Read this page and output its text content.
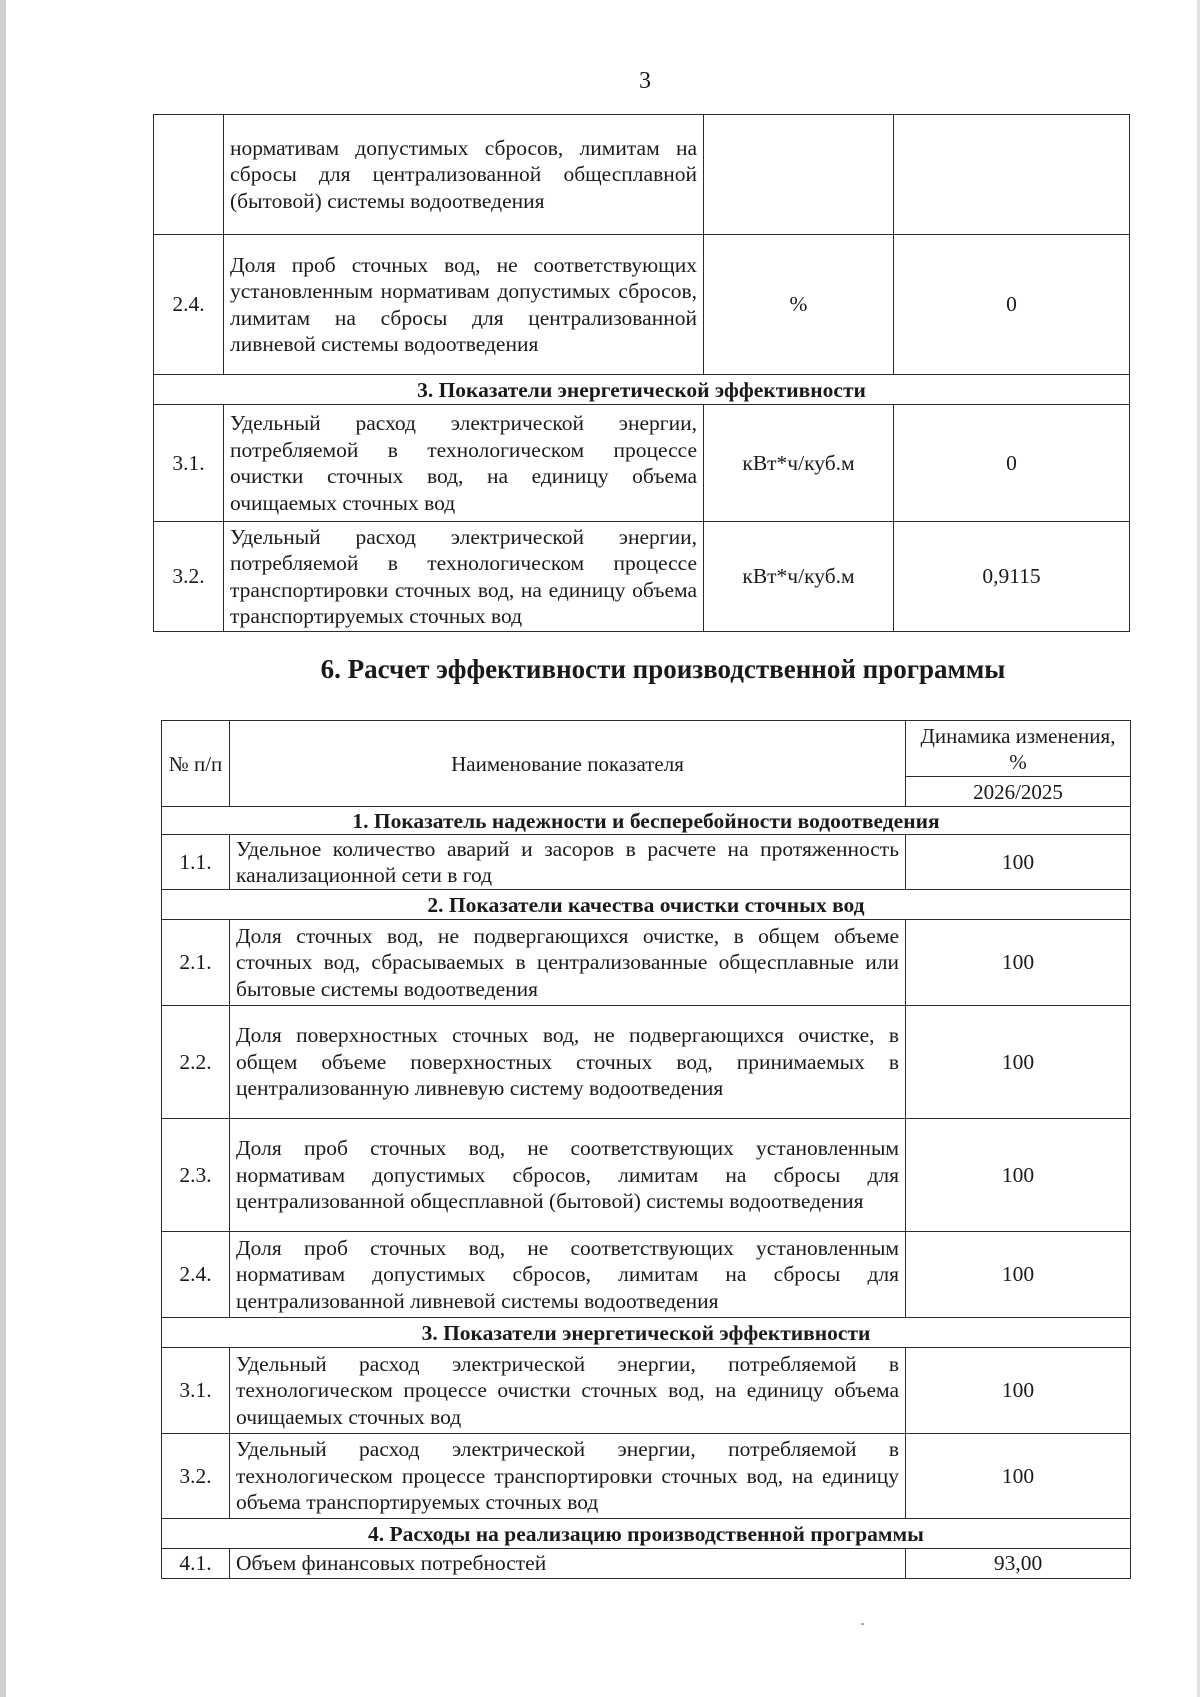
3
	нормативам допустимых сбросов, лимитам на сбросы для централизованной общесплавной (бытовой) системы водоотведения		
2.4.	Доля проб сточных вод, не соответствующих установленным нормативам допустимых сбросов, лимитам на сбросы для централизованной ливневой системы водоотведения	%	0
3. Показатели энергетической эффективности			
3.1.	Удельный расход электрической энергии, потребляемой в технологическом процессе очистки сточных вод, на единицу объема очищаемых сточных вод	кВт*ч/куб.м	0
3.2.	Удельный расход электрической энергии, потребляемой в технологическом процессе транспортировки сточных вод, на единицу объема транспортируемых сточных вод	кВт*ч/куб.м	0,9115
6. Расчет эффективности производственной программы
№ п/п	Наименование показателя	Динамика изменения, %
		2026/2025
1. Показатель надежности и бесперебойности водоотведения		
1.1.	Удельное количество аварий и засоров в расчете на протяженность канализационной сети в год	100
2. Показатели качества очистки сточных вод		
2.1.	Доля сточных вод, не подвергающихся очистке, в общем объеме сточных вод, сбрасываемых в централизованные общесплавные или бытовые системы водоотведения	100
2.2.	Доля поверхностных сточных вод, не подвергающихся очистке, в общем объеме поверхностных сточных вод, принимаемых в централизованную ливневую систему водоотведения	100
2.3.	Доля проб сточных вод, не соответствующих установленным нормативам допустимых сбросов, лимитам на сбросы для централизованной общесплавной (бытовой) системы водоотведения	100
2.4.	Доля проб сточных вод, не соответствующих установленным нормативам допустимых сбросов, лимитам на сбросы для централизованной ливневой системы водоотведения	100
3. Показатели энергетической эффективности		
3.1.	Удельный расход электрической энергии, потребляемой в технологическом процессе очистки сточных вод, на единицу объема очищаемых сточных вод	100
3.2.	Удельный расход электрической энергии, потребляемой в технологическом процессе транспортировки сточных вод, на единицу объема транспортируемых сточных вод	100
4. Расходы на реализацию производственной программы		
4.1.	Объем финансовых потребностей	93,00
